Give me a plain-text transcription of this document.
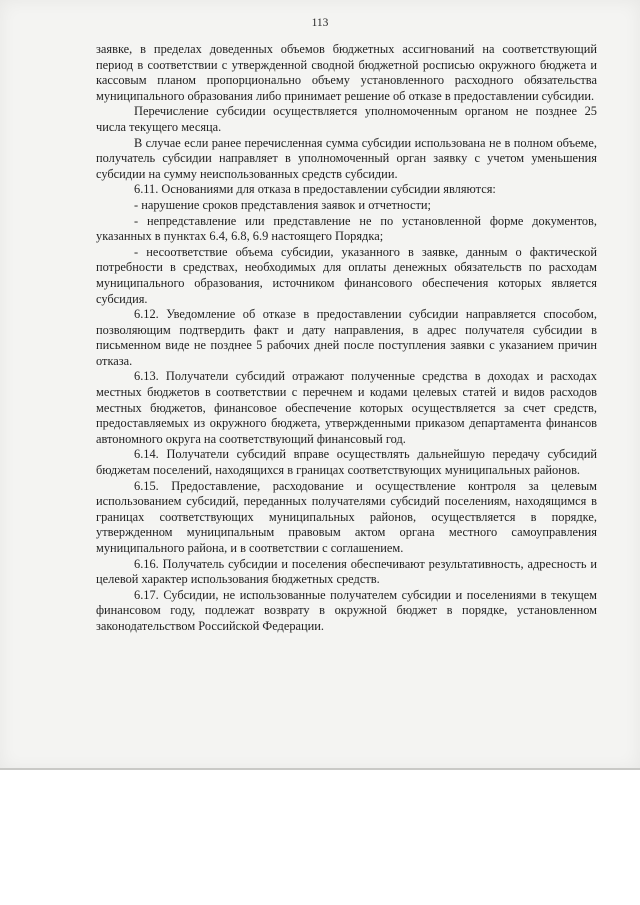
113

заявке, в пределах доведенных объемов бюджетных ассигнований на соответствующий период в соответствии с утвержденной сводной бюджетной росписью окружного бюджета и кассовым планом пропорционально объему установленного расходного обязательства муниципального образования либо принимает решение об отказе в предоставлении субсидии.

Перечисление субсидии осуществляется уполномоченным органом не позднее 25 числа текущего месяца.

В случае если ранее перечисленная сумма субсидии использована не в полном объеме, получатель субсидии направляет в уполномоченный орган заявку с учетом уменьшения субсидии на сумму неиспользованных средств субсидии.

6.11. Основаниями для отказа в предоставлении субсидии являются:

- нарушение сроков представления заявок и отчетности;

- непредставление или представление не по установленной форме документов, указанных в пунктах 6.4, 6.8, 6.9 настоящего Порядка;

- несоответствие объема субсидии, указанного в заявке, данным о фактической потребности в средствах, необходимых для оплаты денежных обязательств по расходам муниципального образования, источником финансового обеспечения которых является субсидия.

6.12. Уведомление об отказе в предоставлении субсидии направляется способом, позволяющим подтвердить факт и дату направления, в адрес получателя субсидии в письменном виде не позднее 5 рабочих дней после поступления заявки с указанием причин отказа.

6.13. Получатели субсидий отражают полученные средства в доходах и расходах местных бюджетов в соответствии с перечнем и кодами целевых статей и видов расходов местных бюджетов, финансовое обеспечение которых осуществляется за счет средств, предоставляемых из окружного бюджета, утвержденными приказом департамента финансов автономного округа на соответствующий финансовый год.

6.14. Получатели субсидий вправе осуществлять дальнейшую передачу субсидий бюджетам поселений, находящихся в границах соответствующих муниципальных районов.

6.15. Предоставление, расходование и осуществление контроля за целевым использованием субсидий, переданных получателями субсидий поселениям, находящимся в границах соответствующих муниципальных районов, осуществляется в порядке, утвержденном муниципальным правовым актом органа местного самоуправления муниципального района, и в соответствии с соглашением.

6.16. Получатель субсидии и поселения обеспечивают результативность, адресность и целевой характер использования бюджетных средств.

6.17. Субсидии, не использованные получателем субсидии и поселениями в текущем финансовом году, подлежат возврату в окружной бюджет в порядке, установленном законодательством Российской Федерации.
